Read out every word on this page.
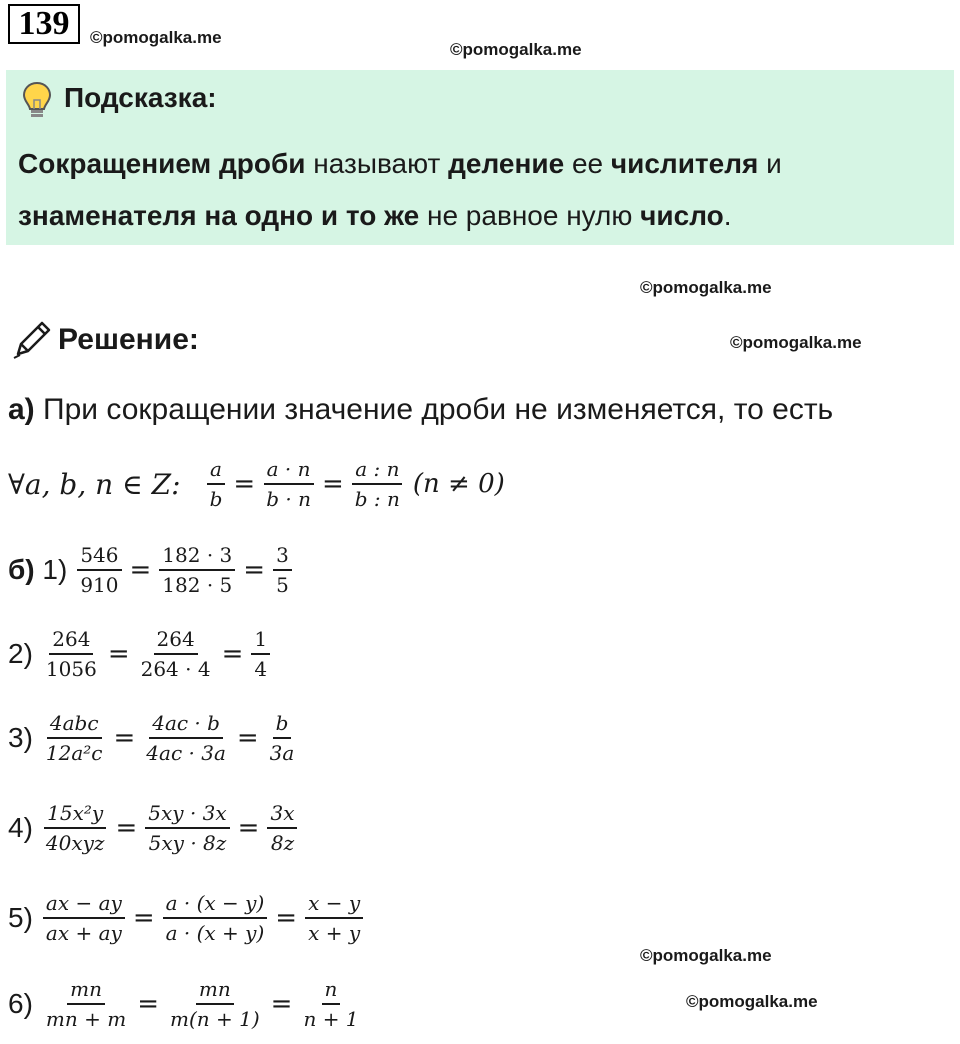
139	©pomogalka.me
©pomogalka.me
Подсказка:
Сокращением дроби называют деление ее числителя и
знаменателя на одно и то же не равное нулю число.
©pomogalka.me
Решение:	©pomogalka.me
а) При сокращении значение дроби не изменяется, то есть
∀a, b, n ∈ Z: $\frac{a}{b} = \frac{a \cdot n}{b \cdot n} = \frac{a : n}{b : n} (n \ne 0)$
б) $1) \frac{546}{910} = \frac{182 \cdot 3}{182 \cdot 5} = \frac{3}{5}$
$2) \frac{264}{1056} = \frac{264}{264 \cdot 4} = \frac{1}{4}$
$3) \frac{\text{4abc}}{\text{12a²c}} = \frac{4ac \cdot b}{4ac \cdot 3a} = \frac{b}{3a}$
$4) \frac{\text{15x²y}}{\text{40xyz}} = \frac{5xy \cdot 3x}{5xy \cdot 8z} = \frac{3x}{8z}$
$5) \frac{ax - ay}{ax + ay} = \frac{a \cdot (x - y)}{a \cdot (x + y)} = \frac{x - y}{x + y}$
©pomogalka.me
$6) \frac{mn}{mn + m} = \frac{mn}{m(n + 1)} = \frac{n}{n + 1}$	©pomogalka.me
